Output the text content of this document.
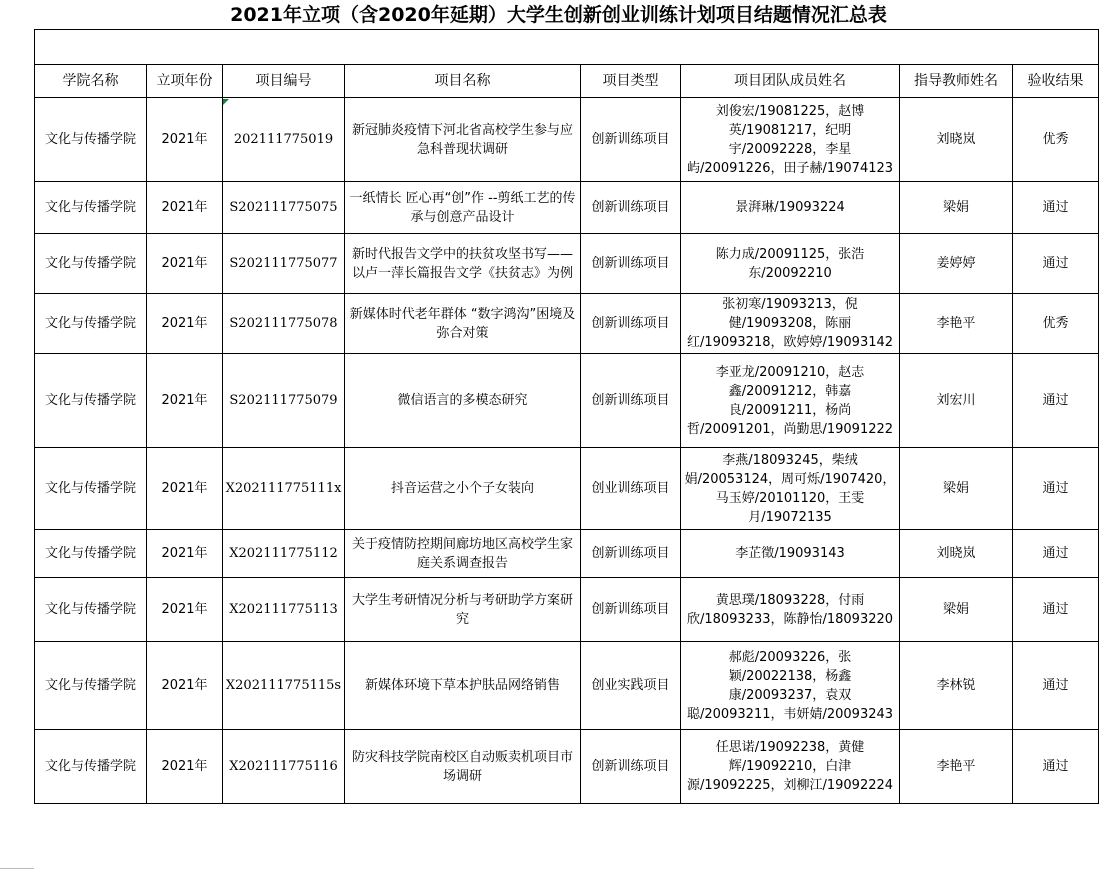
2021年立项（含2020年延期）大学生创新创业训练计划项目结题情况汇总表

学院名称	立项年份	项目编号	项目名称	项目类型	项目团队成员姓名	指导教师姓名	验收结果
文化与传播学院	2021年	202111775019	新冠肺炎疫情下河北省高校学生参与应急科普现状调研	创新训练项目	刘俊宏/19081225，赵博英/19081217，纪明宇/20092228，李星屿/20091226，田子赫/19074123	刘晓岚	优秀
文化与传播学院	2021年	S202111775075	一纸情长 匠心再“创”作 --剪纸工艺的传承与创意产品设计	创新训练项目	景湃琳/19093224	梁娟	通过
文化与传播学院	2021年	S202111775077	新时代报告文学中的扶贫攻坚书写——以卢一萍长篇报告文学《扶贫志》为例	创新训练项目	陈力成/20091125，张浩东/20092210	姜婷婷	通过
文化与传播学院	2021年	S202111775078	新媒体时代老年群体 “数字鸿沟”困境及弥合对策	创新训练项目	张初寒/19093213，倪健/19093208，陈丽红/19093218，欧婷婷/19093142	李艳平	优秀
文化与传播学院	2021年	S202111775079	微信语言的多模态研究	创新训练项目	李亚龙/20091210，赵志鑫/20091212，韩嘉良/20091211，杨尚哲/20091201，尚勤思/19091222	刘宏川	通过
文化与传播学院	2021年	X202111775111x	抖音运营之小个子女装向	创业训练项目	李燕/18093245，柴绒娟/20053124，周可烁/1907420，马玉婷/20101120，王雯月/19072135	梁娟	通过
文化与传播学院	2021年	X202111775112	关于疫情防控期间廊坊地区高校学生家庭关系调查报告	创新训练项目	李芷徵/19093143	刘晓岚	通过
文化与传播学院	2021年	X202111775113	大学生考研情况分析与考研助学方案研究	创新训练项目	黄思璞/18093228，付雨欣/18093233，陈静怡/18093220	梁娟	通过
文化与传播学院	2021年	X202111775115s	新媒体环境下草本护肤品网络销售	创业实践项目	郝彪/20093226，张颖/20022138，杨鑫康/20093237，袁双聪/20093211，韦妍婧/20093243	李林锐	通过
文化与传播学院	2021年	X202111775116	防灾科技学院南校区自动贩卖机项目市场调研	创新训练项目	任思诺/19092238，黄健辉/19092210，白津源/19092225，刘柳江/19092224	李艳平	通过
